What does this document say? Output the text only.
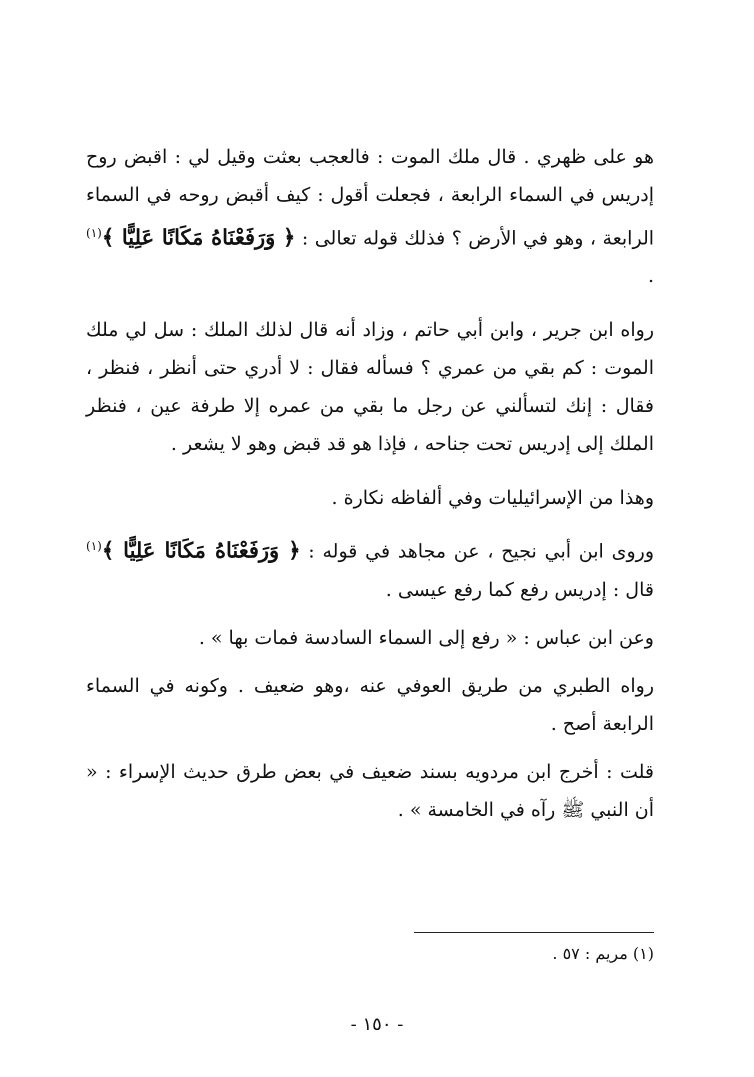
هو على ظهري . قال ملك الموت : فالعجب بعثت وقيل لي : اقبض روح إدريس في السماء الرابعة ، فجعلت أقول : كيف أقبض روحه في السماء الرابعة ، وهو في الأرض ؟ فذلك قوله تعالى : ﴿ وَرَفَعْنَاهُ مَكَانًا عَلِيًّا ﴾$^{(١)}$ .

رواه ابن جرير ، وابن أبي حاتم ، وزاد أنه قال لذلك الملك : سل لي ملك الموت : كم بقي من عمري ؟ فسأله فقال : لا أدري حتى أنظر ، فنظر ، فقال : إنك لتسألني عن رجل ما بقي من عمره إلا طرفة عين ، فنظر الملك إلى إدريس تحت جناحه ، فإذا هو قد قبض وهو لا يشعر .

وهذا من الإسرائيليات وفي ألفاظه نكارة .

وروى ابن أبي نجيح ، عن مجاهد في قوله : ﴿ وَرَفَعْنَاهُ مَكَانًا عَلِيًّا ﴾$^{(١)}$ قال : إدريس رفع كما رفع عيسى .

وعن ابن عباس : « رفع إلى السماء السادسة فمات بها » .

رواه الطبري من طريق العوفي عنه ،وهو ضعيف . وكونه في السماء الرابعة أصح .

قلت : أخرج ابن مردويه بسند ضعيف في بعض طرق حديث الإسراء : « أن النبي ﷺ رآه في الخامسة » .

(١) مريم : ٥٧ .
- ١٥٠ -
